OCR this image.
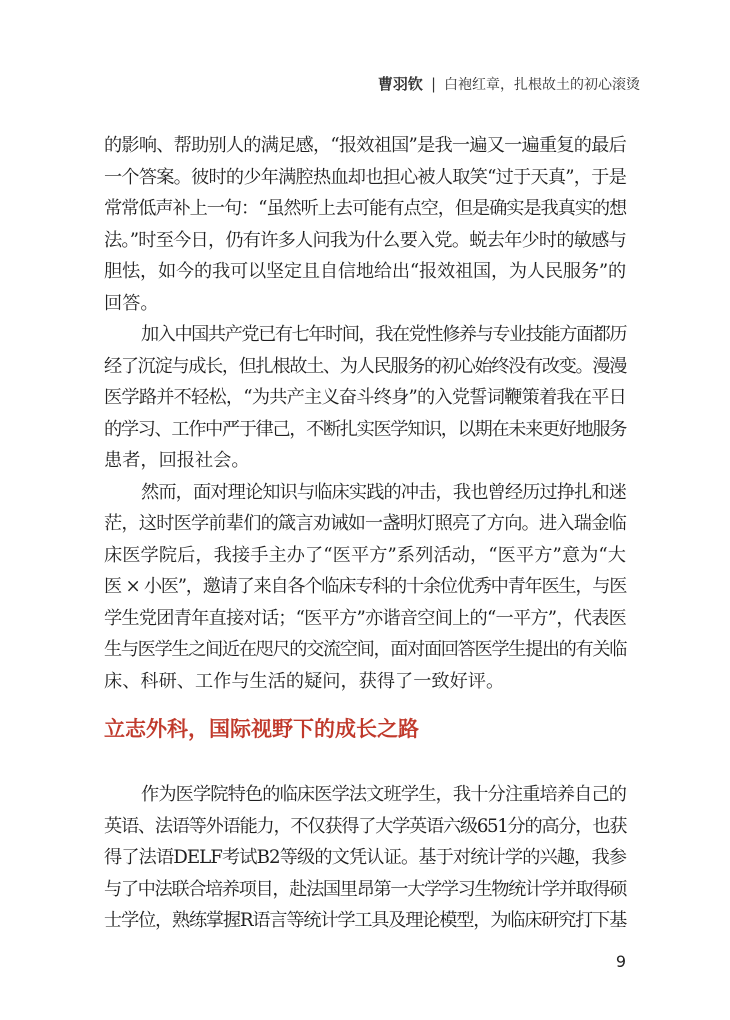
曹羽钦 | 白袍红章，扎根故土的初心滚烫
的影响、帮助别人的满足感，“报效祖国”是我一遍又一遍重复的最后
一个答案。彼时的少年满腔热血却也担心被人取笑“过于天真”，于是
常常低声补上一句：“虽然听上去可能有点空，但是确实是我真实的想
法。”时至今日，仍有许多人问我为什么要入党。蜕去年少时的敏感与
胆怯，如今的我可以坚定且自信地给出“报效祖国，为人民服务”的
回答。
加入中国共产党已有七年时间，我在党性修养与专业技能方面都历
经了沉淀与成长，但扎根故土、为人民服务的初心始终没有改变。漫漫
医学路并不轻松，“为共产主义奋斗终身”的入党誓词鞭策着我在平日
的学习、工作中严于律己，不断扎实医学知识，以期在未来更好地服务
患者，回报社会。
然而，面对理论知识与临床实践的冲击，我也曾经历过挣扎和迷
茫，这时医学前辈们的箴言劝诫如一盏明灯照亮了方向。进入瑞金临
床医学院后，我接手主办了“医平方”系列活动，“医平方”意为“大
医 × 小医”，邀请了来自各个临床专科的十余位优秀中青年医生，与医
学生党团青年直接对话；“医平方”亦谐音空间上的“一平方”，代表医
生与医学生之间近在咫尺的交流空间，面对面回答医学生提出的有关临
床、科研、工作与生活的疑问，获得了一致好评。
立志外科，国际视野下的成长之路
作为医学院特色的临床医学法文班学生，我十分注重培养自己的
英语、法语等外语能力，不仅获得了大学英语六级651分的高分，也获
得了法语DELF考试B2等级的文凭认证。基于对统计学的兴趣，我参
与了中法联合培养项目，赴法国里昂第一大学学习生物统计学并取得硕
士学位，熟练掌握R语言等统计学工具及理论模型，为临床研究打下基
9
